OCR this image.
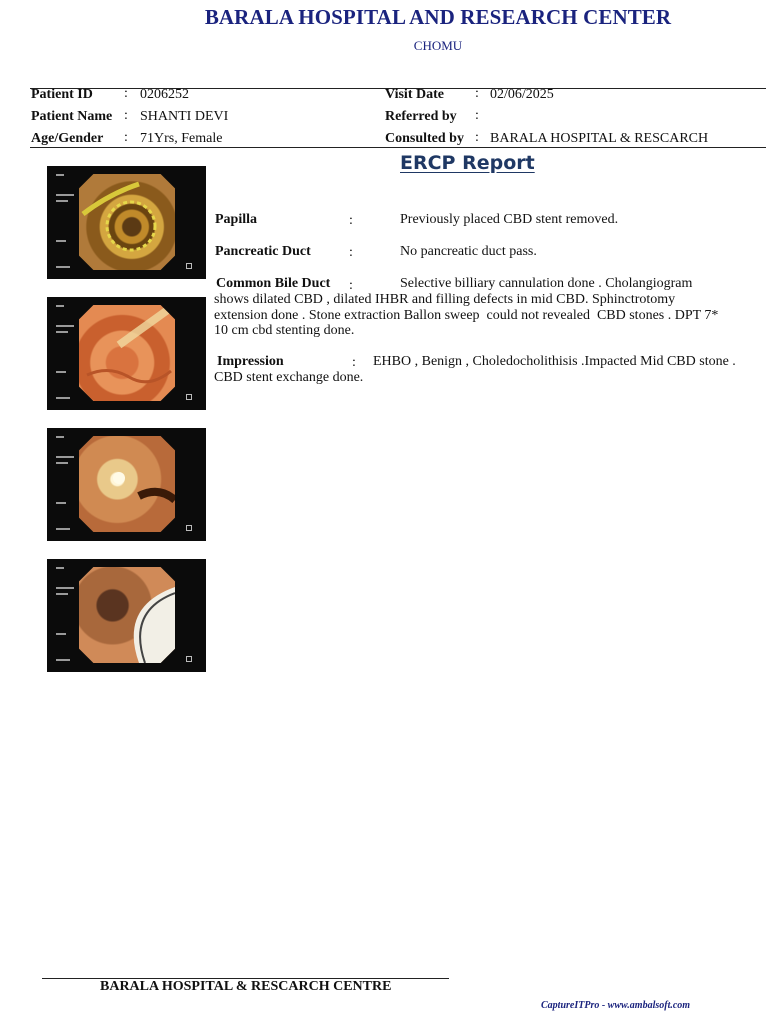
BARALA HOSPITAL AND RESEARCH CENTER
CHOMU
Patient ID : 0206252
Patient Name : SHANTI DEVI
Age/Gender : 71Yrs, Female
Visit Date : 02/06/2025
Referred by :
Consulted by : BARALA HOSPITAL & RESCARCH
ERCP Report
Papilla	:	Previously placed CBD stent removed.
Pancreatic Duct	:	No pancreatic duct pass.
Common Bile Duct :	Selective billiary cannulation done . Cholangiogram
shows dilated CBD , dilated IHBR and filling defects in mid CBD. Sphinctrotomy
extension done . Stone extraction Ballon sweep  could not revealed  CBD stones . DPT 7*
10 cm cbd stenting done.
Impression	: EHBO , Benign , Choledocholithisis .Impacted Mid CBD stone .
CBD stent exchange done.
BARALA HOSPITAL & RESCARCH CENTRE
CaptureITPro - www.ambalsoft.com
